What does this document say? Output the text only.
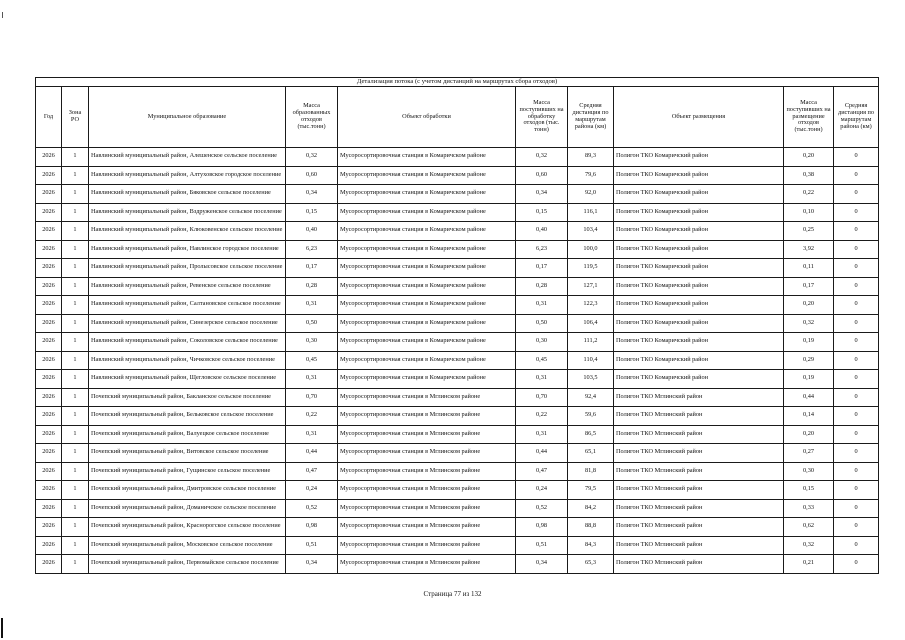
Детализация потока (с учетом дистанций на маршрутах сбора отходов)									
Год	Зона РО	Муниципальное образование	Масса образованных отходов (тыс.тонн)	Объект обработки	Масса поступивших на обработку отходов (тыс. тонн)	Средняя дистанция по маршрутам района (км)	Объект размещения	Масса поступивших на размещение отходов (тыс.тонн)	Средняя дистанция по маршрутам района (км)
2026	1	Навлинский муниципальный район, Алешенское сельское поселение	0,32	Мусоросортировочная станция в Комаричском районе	0,32	89,3	Полигон ТКО Комаричский район	0,20	0
2026	1	Навлинский муниципальный район, Алтуховское городское поселение	0,60	Мусоросортировочная станция в Комаричском районе	0,60	79,6	Полигон ТКО Комаричский район	0,38	0
2026	1	Навлинский муниципальный район, Бяковское сельское поселение	0,34	Мусоросортировочная станция в Комаричском районе	0,34	92,0	Полигон ТКО Комаричский район	0,22	0
2026	1	Навлинский муниципальный район, Вздруженское сельское поселение	0,15	Мусоросортировочная станция в Комаричском районе	0,15	116,1	Полигон ТКО Комаричский район	0,10	0
2026	1	Навлинский муниципальный район, Клюковенское сельское поселение	0,40	Мусоросортировочная станция в Комаричском районе	0,40	103,4	Полигон ТКО Комаричский район	0,25	0
2026	1	Навлинский муниципальный район, Навлинское городское поселение	6,23	Мусоросортировочная станция в Комаричском районе	6,23	100,0	Полигон ТКО Комаричский район	3,92	0
2026	1	Навлинский муниципальный район, Пролысовское сельское поселение	0,17	Мусоросортировочная станция в Комаричском районе	0,17	119,5	Полигон ТКО Комаричский район	0,11	0
2026	1	Навлинский муниципальный район, Ревенское сельское поселение	0,28	Мусоросортировочная станция в Комаричском районе	0,28	127,1	Полигон ТКО Комаричский район	0,17	0
2026	1	Навлинский муниципальный район, Салтановское сельское поселение	0,31	Мусоросортировочная станция в Комаричском районе	0,31	122,3	Полигон ТКО Комаричский район	0,20	0
2026	1	Навлинский муниципальный район, Синезерское сельское поселение	0,50	Мусоросортировочная станция в Комаричском районе	0,50	106,4	Полигон ТКО Комаричский район	0,32	0
2026	1	Навлинский муниципальный район, Соколовское сельское поселение	0,30	Мусоросортировочная станция в Комаричском районе	0,30	111,2	Полигон ТКО Комаричский район	0,19	0
2026	1	Навлинский муниципальный район, Чичковское сельское поселение	0,45	Мусоросортировочная станция в Комаричском районе	0,45	110,4	Полигон ТКО Комаричский район	0,29	0
2026	1	Навлинский муниципальный район, Щегловское сельское поселение	0,31	Мусоросортировочная станция в Комаричском районе	0,31	103,5	Полигон ТКО Комаричский район	0,19	0
2026	1	Почепский муниципальный район, Бакланское сельское поселение	0,70	Мусоросортировочная станция в Мглинском районе	0,70	92,4	Полигон ТКО Мглинский район	0,44	0
2026	1	Почепский муниципальный район, Бельковское сельское поселение	0,22	Мусоросортировочная станция в Мглинском районе	0,22	59,6	Полигон ТКО Мглинский район	0,14	0
2026	1	Почепский муниципальный район, Валуецкое сельское поселение	0,31	Мусоросортировочная станция в Мглинском районе	0,31	86,5	Полигон ТКО Мглинский район	0,20	0
2026	1	Почепский муниципальный район, Витовское сельское поселение	0,44	Мусоросортировочная станция в Мглинском районе	0,44	65,1	Полигон ТКО Мглинский район	0,27	0
2026	1	Почепский муниципальный район, Гущинское сельское поселение	0,47	Мусоросортировочная станция в Мглинском районе	0,47	81,8	Полигон ТКО Мглинский район	0,30	0
2026	1	Почепский муниципальный район, Дмитровское сельское поселение	0,24	Мусоросортировочная станция в Мглинском районе	0,24	79,5	Полигон ТКО Мглинский район	0,15	0
2026	1	Почепский муниципальный район, Доманичское сельское поселение	0,52	Мусоросортировочная станция в Мглинском районе	0,52	84,2	Полигон ТКО Мглинский район	0,33	0
2026	1	Почепский муниципальный район, Краснорогское сельское поселение	0,98	Мусоросортировочная станция в Мглинском районе	0,98	88,8	Полигон ТКО Мглинский район	0,62	0
2026	1	Почепский муниципальный район, Московское сельское поселение	0,51	Мусоросортировочная станция в Мглинском районе	0,51	84,3	Полигон ТКО Мглинский район	0,32	0
2026	1	Почепский муниципальный район, Первомайское сельское поселение	0,34	Мусоросортировочная станция в Мглинском районе	0,34	65,3	Полигон ТКО Мглинский район	0,21	0
Страница 77 из 132
